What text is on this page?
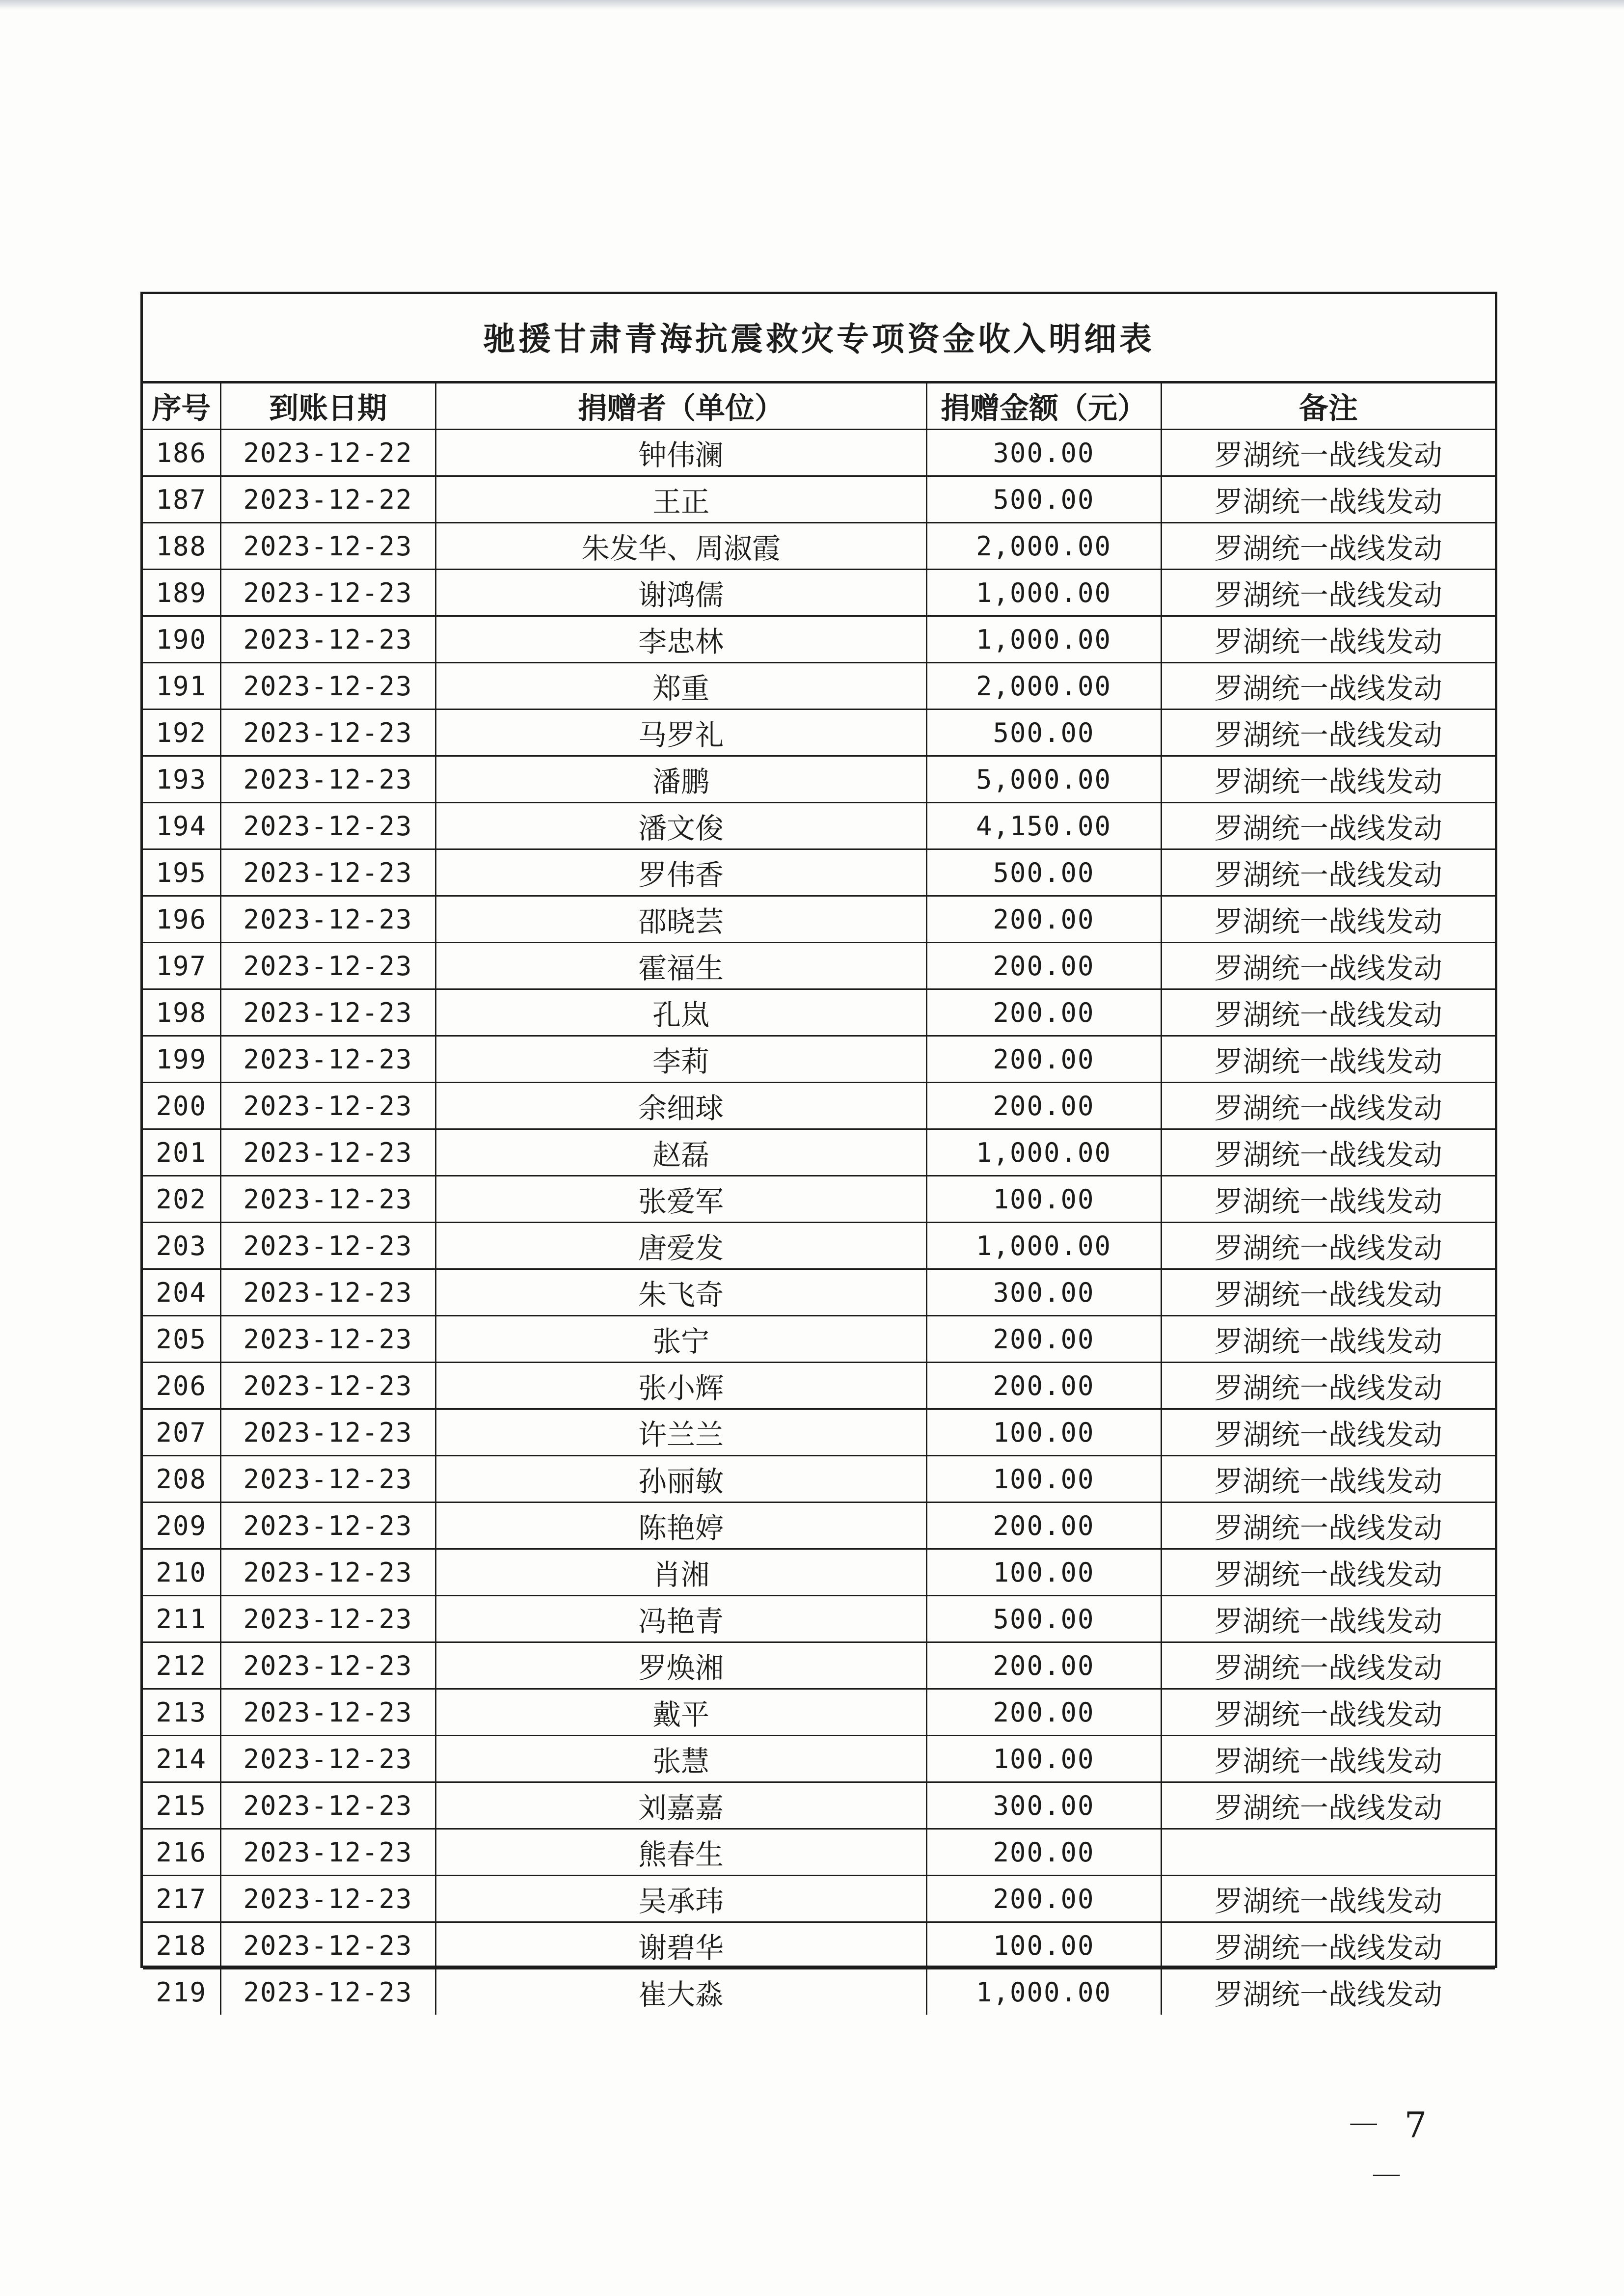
驰援甘肃青海抗震救灾专项资金收入明细表
序号	到账日期	捐赠者（单位）	捐赠金额（元）	备注
186	2023-12-22	钟伟澜	300.00	罗湖统一战线发动
187	2023-12-22	王正	500.00	罗湖统一战线发动
188	2023-12-23	朱发华、周淑霞	2,000.00	罗湖统一战线发动
189	2023-12-23	谢鸿儒	1,000.00	罗湖统一战线发动
190	2023-12-23	李忠林	1,000.00	罗湖统一战线发动
191	2023-12-23	郑重	2,000.00	罗湖统一战线发动
192	2023-12-23	马罗礼	500.00	罗湖统一战线发动
193	2023-12-23	潘鹏	5,000.00	罗湖统一战线发动
194	2023-12-23	潘文俊	4,150.00	罗湖统一战线发动
195	2023-12-23	罗伟香	500.00	罗湖统一战线发动
196	2023-12-23	邵晓芸	200.00	罗湖统一战线发动
197	2023-12-23	霍福生	200.00	罗湖统一战线发动
198	2023-12-23	孔岚	200.00	罗湖统一战线发动
199	2023-12-23	李莉	200.00	罗湖统一战线发动
200	2023-12-23	余细球	200.00	罗湖统一战线发动
201	2023-12-23	赵磊	1,000.00	罗湖统一战线发动
202	2023-12-23	张爱军	100.00	罗湖统一战线发动
203	2023-12-23	唐爱发	1,000.00	罗湖统一战线发动
204	2023-12-23	朱飞奇	300.00	罗湖统一战线发动
205	2023-12-23	张宁	200.00	罗湖统一战线发动
206	2023-12-23	张小辉	200.00	罗湖统一战线发动
207	2023-12-23	许兰兰	100.00	罗湖统一战线发动
208	2023-12-23	孙丽敏	100.00	罗湖统一战线发动
209	2023-12-23	陈艳婷	200.00	罗湖统一战线发动
210	2023-12-23	肖湘	100.00	罗湖统一战线发动
211	2023-12-23	冯艳青	500.00	罗湖统一战线发动
212	2023-12-23	罗焕湘	200.00	罗湖统一战线发动
213	2023-12-23	戴平	200.00	罗湖统一战线发动
214	2023-12-23	张慧	100.00	罗湖统一战线发动
215	2023-12-23	刘嘉嘉	300.00	罗湖统一战线发动
216	2023-12-23	熊春生	200.00	
217	2023-12-23	吴承玮	200.00	罗湖统一战线发动
218	2023-12-23	谢碧华	100.00	罗湖统一战线发动
219	2023-12-23	崔大淼	1,000.00	罗湖统一战线发动
－ 7 －
